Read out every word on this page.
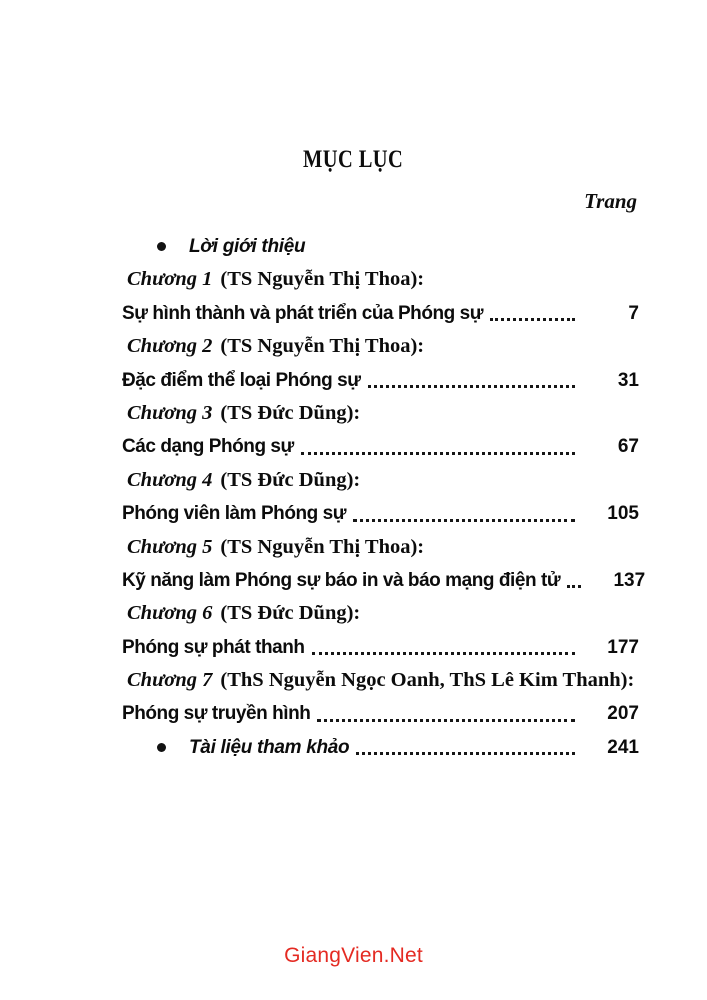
MỤC LỤC
Trang
Lời giới thiệu
Chương 1 (TS Nguyễn Thị Thoa):
Sự hình thành và phát triển của Phóng sự	7
Chương 2 (TS Nguyễn Thị Thoa):
Đặc điểm thể loại Phóng sự	31
Chương 3 (TS Đức Dũng):
Các dạng Phóng sự	67
Chương 4 (TS Đức Dũng):
Phóng viên làm Phóng sự	105
Chương 5 (TS Nguyễn Thị Thoa):
Kỹ năng làm Phóng sự báo in và báo mạng điện tử	137
Chương 6 (TS Đức Dũng):
Phóng sự phát thanh	177
Chương 7 (ThS Nguyễn Ngọc Oanh, ThS Lê Kim Thanh):
Phóng sự truyền hình	207
Tài liệu tham khảo	241
GiangVien.Net
